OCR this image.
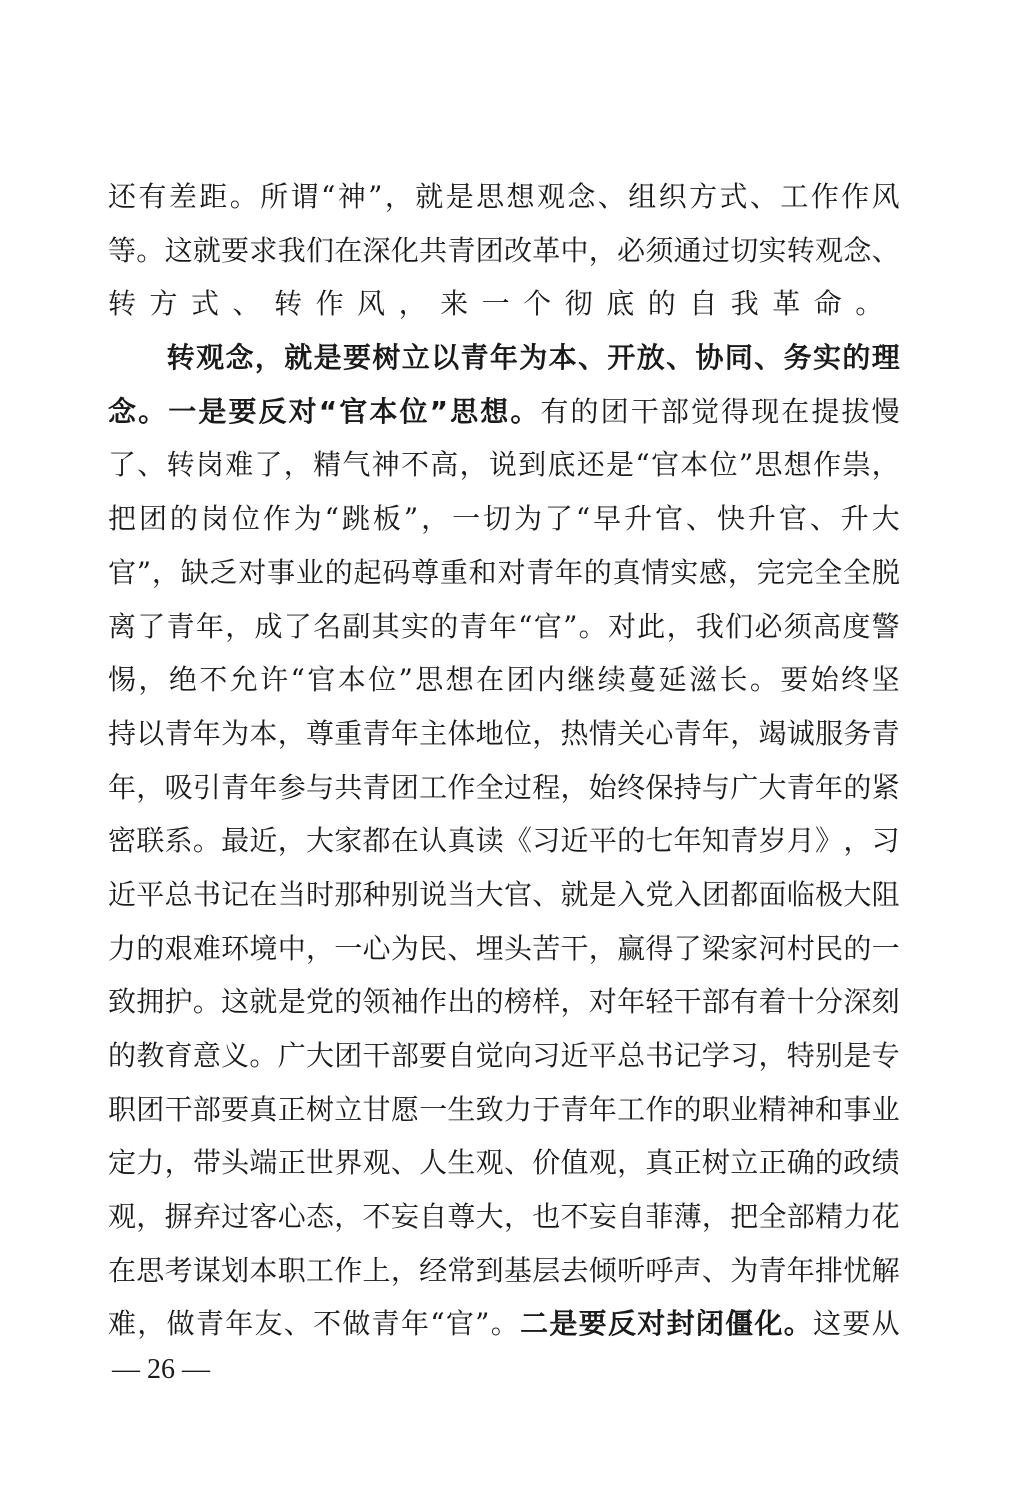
还 有 差 距 。 所 谓 “ 神 ” ， 就 是 思 想 观 念 、 组 织 方 式 、 工 作 作 风
等 。 这 就 要 求 我 们 在 深 化 共 青 团 改 革 中 ， 必 须 通 过 切 实 转 观 念 、
转 方 式 、 转 作 风 ， 来 一 个 彻 底 的 自 我 革 命 。

转 观 念 ， 就 是 要 树 立 以 青 年 为 本 、 开 放 、 协 同 、 务 实 的 理
念 。 一 是 要 反 对 “ 官 本 位 ” 思 想 。 有 的 团 干 部 觉 得 现 在 提 拔 慢
了 、 转 岗 难 了 ， 精 气 神 不 高 ， 说 到 底 还 是 “ 官 本 位 ” 思 想 作 祟 ，
把 团 的 岗 位 作 为 “ 跳 板 ” ， 一 切 为 了 “ 早 升 官 、 快 升 官 、 升 大
官 ” ， 缺 乏 对 事 业 的 起 码 尊 重 和 对 青 年 的 真 情 实 感 ， 完 完 全 全 脱
离 了 青 年 ， 成 了 名 副 其 实 的 青 年 “ 官 ” 。 对 此 ， 我 们 必 须 高 度 警
惕 ， 绝 不 允 许 “ 官 本 位 ” 思 想 在 团 内 继 续 蔓 延 滋 长 。 要 始 终 坚
持 以 青 年 为 本 ， 尊 重 青 年 主 体 地 位 ， 热 情 关 心 青 年 ， 竭 诚 服 务 青
年 ， 吸 引 青 年 参 与 共 青 团 工 作 全 过 程 ， 始 终 保 持 与 广 大 青 年 的 紧
密 联 系 。 最 近 ， 大 家 都 在 认 真 读 《 习 近 平 的 七 年 知 青 岁 月 》 ， 习
近 平 总 书 记 在 当 时 那 种 别 说 当 大 官 、 就 是 入 党 入 团 都 面 临 极 大 阻
力 的 艰 难 环 境 中 ， 一 心 为 民 、 埋 头 苦 干 ， 赢 得 了 梁 家 河 村 民 的 一
致 拥 护 。 这 就 是 党 的 领 袖 作 出 的 榜 样 ， 对 年 轻 干 部 有 着 十 分 深 刻
的 教 育 意 义 。 广 大 团 干 部 要 自 觉 向 习 近 平 总 书 记 学 习 ， 特 别 是 专
职 团 干 部 要 真 正 树 立 甘 愿 一 生 致 力 于 青 年 工 作 的 职 业 精 神 和 事 业
定 力 ， 带 头 端 正 世 界 观 、 人 生 观 、 价 值 观 ， 真 正 树 立 正 确 的 政 绩
观 ， 摒 弃 过 客 心 态 ， 不 妄 自 尊 大 ， 也 不 妄 自 菲 薄 ， 把 全 部 精 力 花
在 思 考 谋 划 本 职 工 作 上 ， 经 常 到 基 层 去 倾 听 呼 声 、 为 青 年 排 忧 解
难 ， 做 青 年 友 、 不 做 青 年 “ 官 ” 。 二 是 要 反 对 封 闭 僵 化 。 这 要 从
— 26 —
